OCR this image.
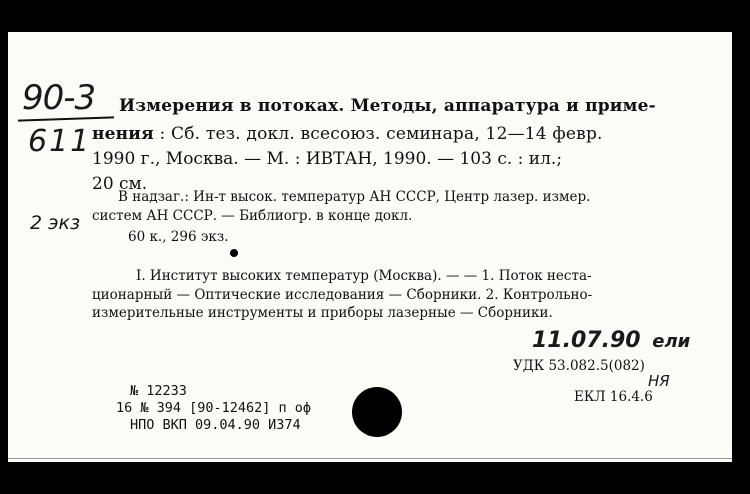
90-3
611
Измерения в потоках. Методы, аппаратура и приме-
нения : Сб. тез. докл. всесоюз. семинара, 12—14 февр.
1990 г., Москва. — М. : ИВТАН, 1990. — 103 с. : ил.;
20 см.
В надзаг.: Ин-т высок. температур АН СССР, Центр лазер. измер.
2 экз систем АН СССР. — Библиогр. в конце докл.
60 к., 296 экз.
I. Институт высоких температур (Москва). — — 1. Поток неста-
ционарный — Оптические исследования — Сборники. 2. Контрольно-
измерительные инструменты и приборы лазерные — Сборники.
11.07.90 ели
УДК 53.082.5(082)
НЯ
№ 12233	ЕКЛ 16.4.6
16 № 394 [90-12462] п оф
НПО ВКП 09.04.90 И374
